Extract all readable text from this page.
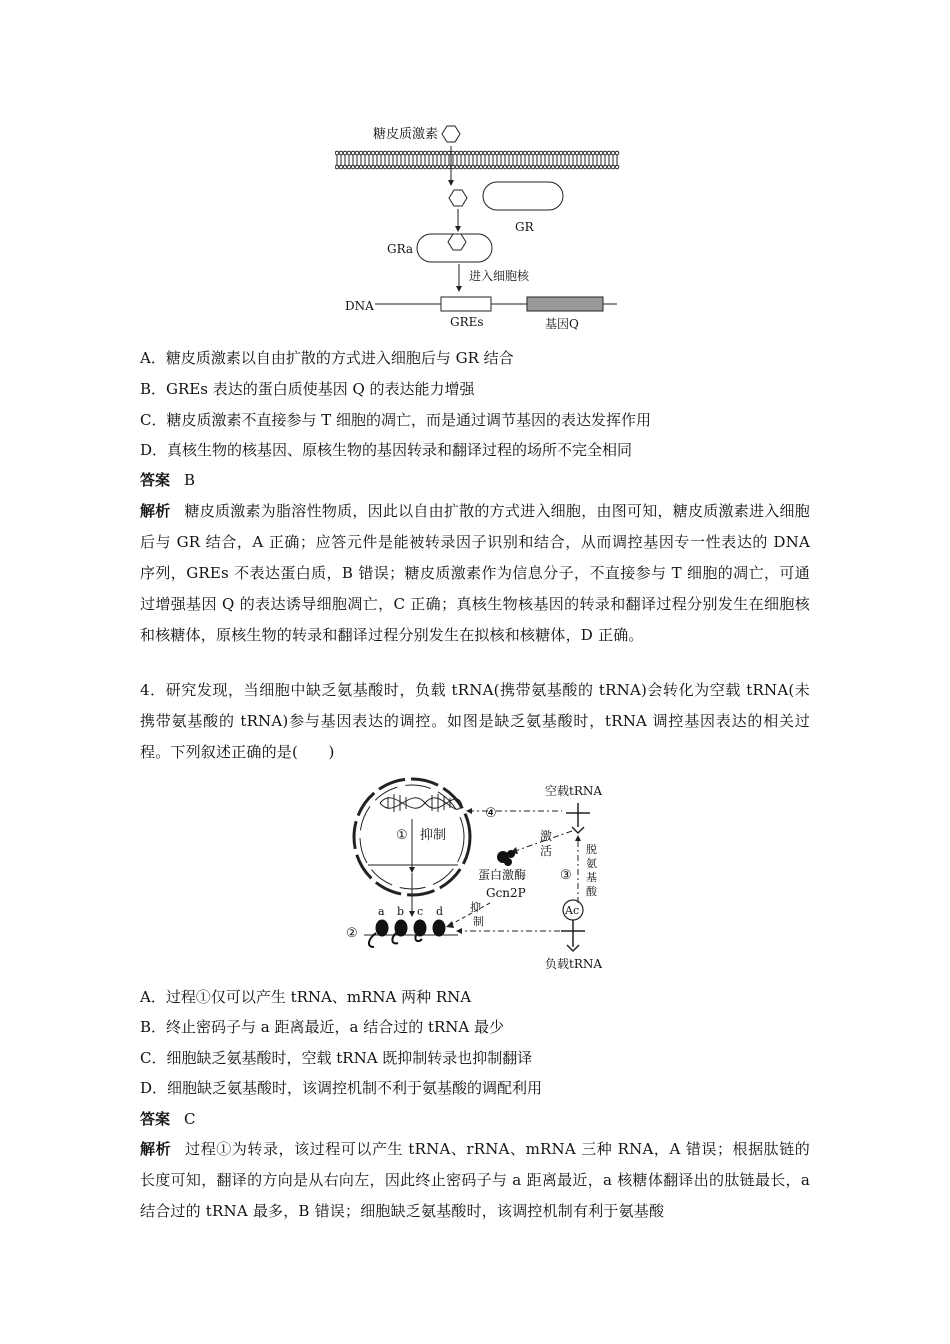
糖皮质激素
GR
GRa
进入细胞核
DNA
GREs	基因Q
A．糖皮质激素以自由扩散的方式进入细胞后与 GR 结合
B．GREs 表达的蛋白质使基因 Q 的表达能力增强
C．糖皮质激素不直接参与 T 细胞的凋亡，而是通过调节基因的表达发挥作用
D．真核生物的核基因、原核生物的基因转录和翻译过程的场所不完全相同
答案 B
解析 糖皮质激素为脂溶性物质，因此以自由扩散的方式进入细胞，由图可知，糖皮质激素进入细胞后与 GR 结合，A 正确；应答元件是能被转录因子识别和结合，从而调控基因专一性表达的 DNA 序列，GREs 不表达蛋白质，B 错误；糖皮质激素作为信息分子，不直接参与 T 细胞的凋亡，可通过增强基因 Q 的表达诱导细胞凋亡，C 正确；真核生物核基因的转录和翻译过程分别发生在细胞核和核糖体，原核生物的转录和翻译过程分别发生在拟核和核糖体，D 正确。
4．研究发现，当细胞中缺乏氨基酸时，负载 tRNA(携带氨基酸的 tRNA)会转化为空载 tRNA(未携带氨基酸的 tRNA)参与基因表达的调控。如图是缺乏氨基酸时，tRNA 调控基因表达的相关过程。下列叙述正确的是(　　)
① 抑制
④
空载tRNA
激
活
蛋白激酶
Gcn2P
抑
制
③
脱
氨
基
酸
Ac
负载tRNA
②
a b c d
A．过程①仅可以产生 tRNA、mRNA 两种 RNA
B．终止密码子与 a 距离最近，a 结合过的 tRNA 最少
C．细胞缺乏氨基酸时，空载 tRNA 既抑制转录也抑制翻译
D．细胞缺乏氨基酸时，该调控机制不利于氨基酸的调配利用
答案 C
解析 过程①为转录，该过程可以产生 tRNA、rRNA、mRNA 三种 RNA，A 错误；根据肽链的长度可知，翻译的方向是从右向左，因此终止密码子与 a 距离最近，a 核糖体翻译出的肽链最长，a 结合过的 tRNA 最多，B 错误；细胞缺乏氨基酸时，该调控机制有利于氨基酸
